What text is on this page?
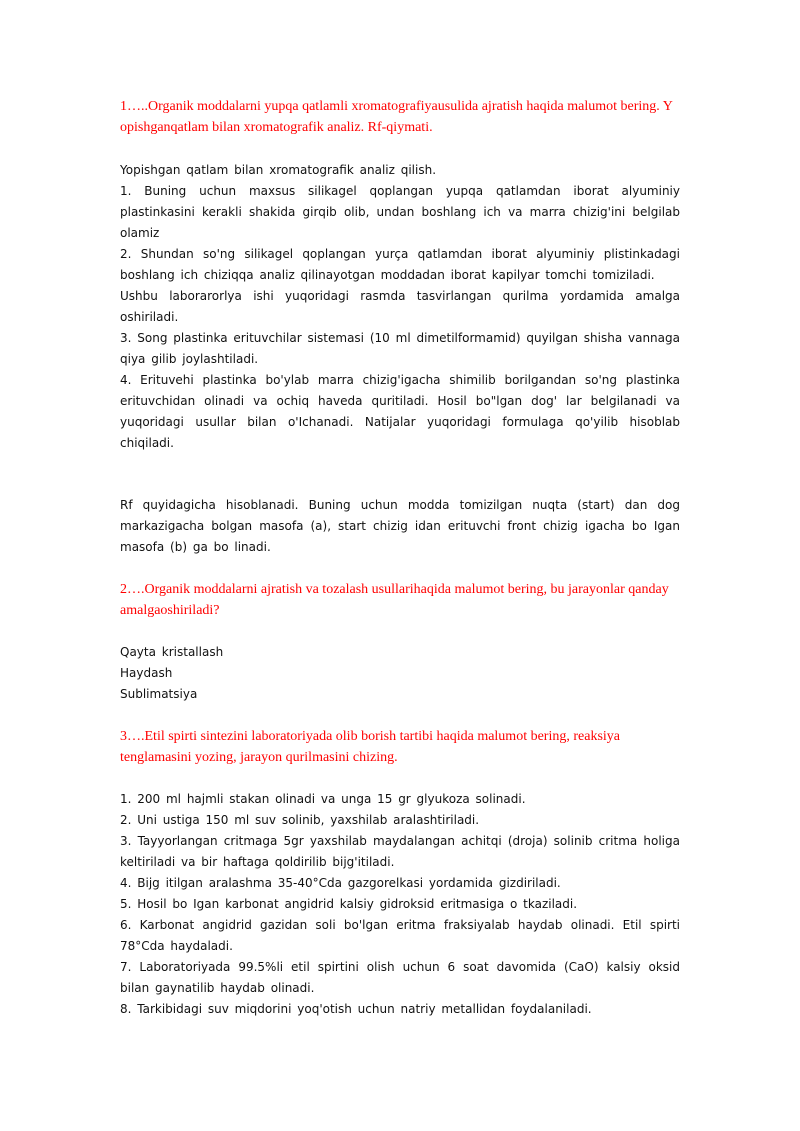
1…..Organik moddalarni yupqa qatlamli xromatografiyausulida ajratish haqida malumot bering. Y opishganqatlam bilan xromatografik analiz. Rf-qiymati.
Yopishgan qatlam bilan xromatografik analiz qilish.
1. Buning uchun maxsus silikagel qoplangan yupqa qatlamdan iborat alyuminiy plastinkasini kerakli shakida girqib olib, undan boshlang ich va marra chizig'ini belgilab olamiz
2. Shundan so'ng silikagel qoplangan yurça qatlamdan iborat alyuminiy plistinkadagi boshlang ich chiziqqa analiz qilinayotgan moddadan iborat kapilyar tomchi tomiziladi.
Ushbu laborarorlya ishi yuqoridagi rasmda tasvirlangan qurilma yordamida amalga oshiriladi.
3. Song plastinka erituvchilar sistemasi (10 ml dimetilformamid) quyilgan shisha vannaga qiya gilib joylashtiladi.
4. Erituvehi plastinka bo'ylab marra chizig'igacha shimilib borilgandan so'ng plastinka erituvchidan olinadi va ochiq haveda quritiladi. Hosil bo"lgan dog' lar belgilanadi va yuqoridagi usullar bilan o'Ichanadi. Natijalar yuqoridagi formulaga qo'yilib hisoblab chiqiladi.
Rf quyidagicha hisoblanadi. Buning uchun modda tomizilgan nuqta (start) dan dog markazigacha bolgan masofa (a), start chizig idan erituvchi front chizig igacha bo Igan masofa (b) ga bo linadi.
2….Organik moddalarni ajratish va tozalash usullarihaqida malumot bering, bu jarayonlar qanday amalgaoshiriladi?
Qayta kristallash
Haydash
Sublimatsiya
3….Etil spirti sintezini laboratoriyada olib borish tartibi haqida malumot bering, reaksiya tenglamasini yozing, jarayon qurilmasini chizing.
1. 200 ml hajmli stakan olinadi va unga 15 gr glyukoza solinadi.
2. Uni ustiga 150 ml suv solinib, yaxshilab aralashtiriladi.
3. Tayyorlangan critmaga 5gr yaxshilab maydalangan achitqi (droja) solinib critma holiga keltiriladi va bir haftaga qoldirilib bijg'itiladi.
4. Bijg itilgan aralashma 35-40°Cda gazgorelkasi yordamida gizdiriladi.
5. Hosil bo Igan karbonat angidrid kalsiy gidroksid eritmasiga o tkaziladi.
6. Karbonat angidrid gazidan soli bo'lgan eritma fraksiyalab haydab olinadi. Etil spirti 78°Cda haydaladi.
7. Laboratoriyada 99.5%li etil spirtini olish uchun 6 soat davomida (CaO) kalsiy oksid bilan gaynatilib haydab olinadi.
8. Tarkibidagi suv miqdorini yoq'otish uchun natriy metallidan foydalaniladi.
